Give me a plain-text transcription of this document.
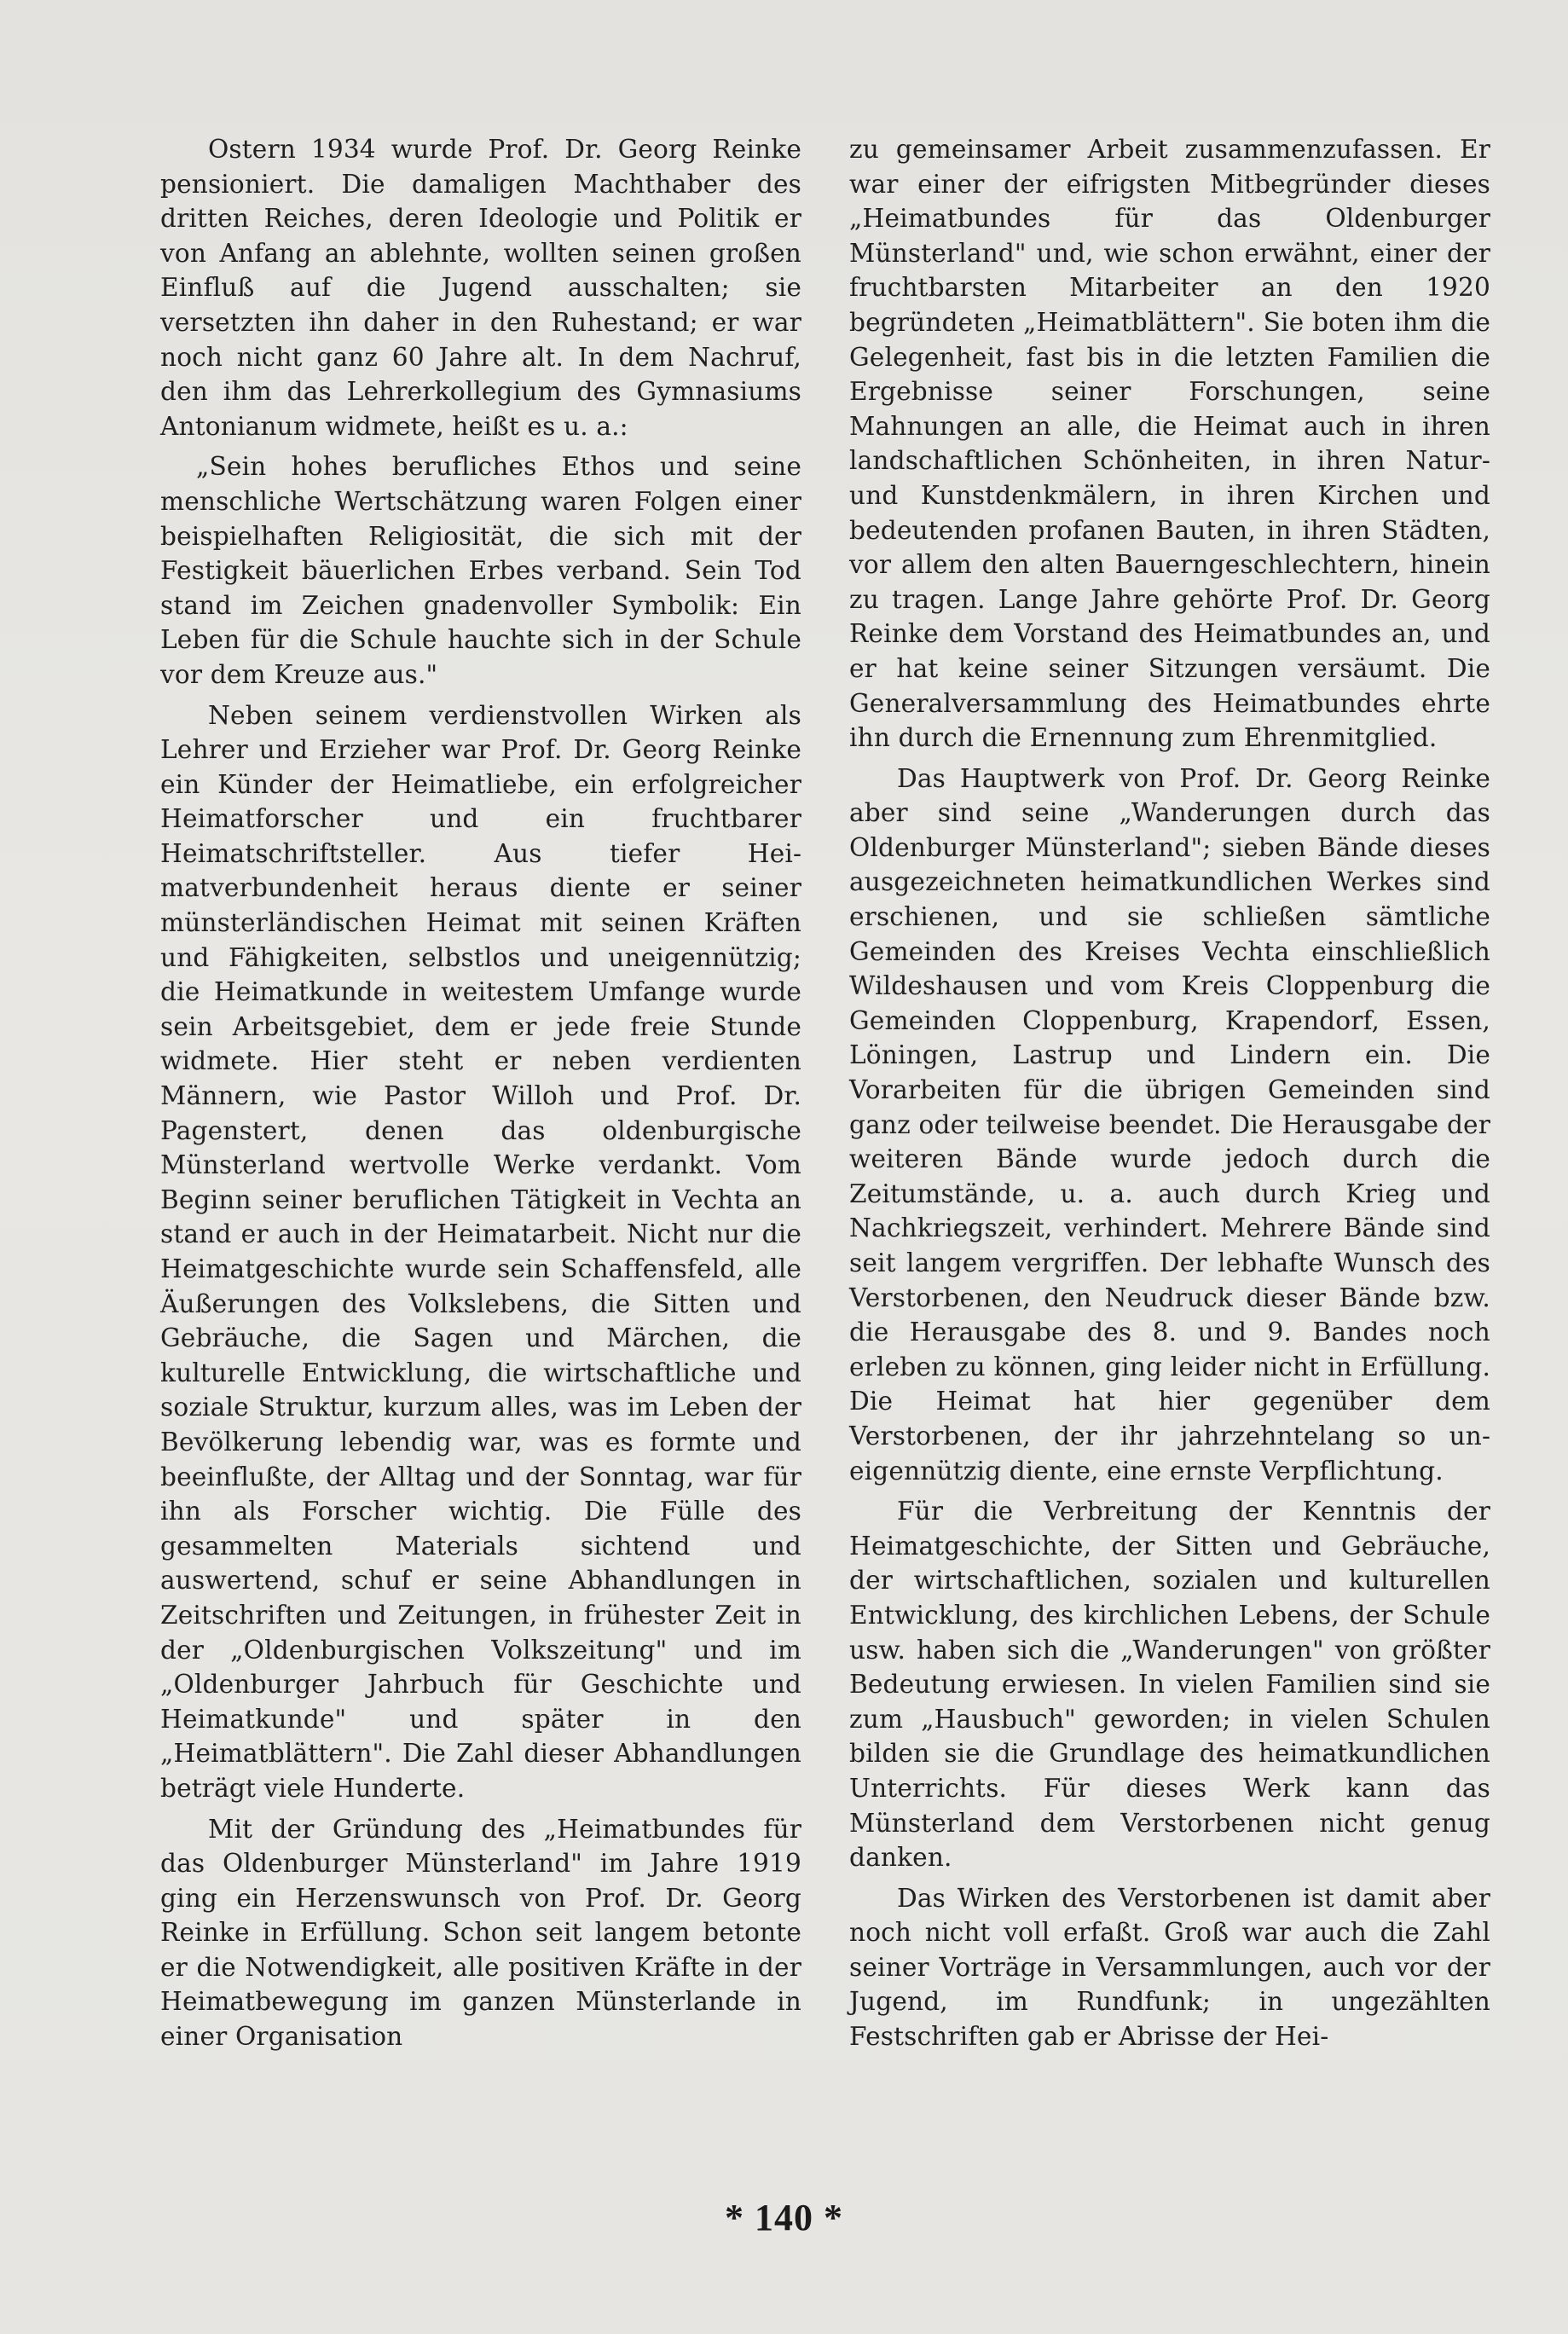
Ostern 1934 wurde Prof. Dr. Georg Reinke pensioniert. Die damaligen Machthaber des dritten Reiches, deren Ideologie und Politik er von Anfang an ablehnte, wollten seinen großen Einfluß auf die Jugend ausschalten; sie versetzten ihn daher in den Ruhestand; er war noch nicht ganz 60 Jahre alt. In dem Nachruf, den ihm das Lehrerkollegium des Gymnasiums Antonianum widmete, heißt es u. a.:

„Sein hohes berufliches Ethos und seine menschliche Wertschätzung waren Folgen einer beispielhaften Religiosität, die sich mit der Festigkeit bäuerlichen Erbes verband. Sein Tod stand im Zeichen gnadenvoller Symbolik: Ein Leben für die Schule hauchte sich in der Schule vor dem Kreuze aus."

Neben seinem verdienstvollen Wirken als Lehrer und Erzieher war Prof. Dr. Georg Reinke ein Künder der Heimatliebe, ein erfolgreicher Heimatforscher und ein fruchtbarer Heimatschriftsteller. Aus tiefer Heimatverbundenheit heraus diente er seiner münsterländischen Heimat mit seinen Kräften und Fähigkeiten, selbstlos und uneigennützig; die Heimatkunde in weitestem Umfange wurde sein Arbeitsgebiet, dem er jede freie Stunde widmete. Hier steht er neben verdienten Männern, wie Pastor Willoh und Prof. Dr. Pagenstert, denen das oldenburgische Münsterland wertvolle Werke verdankt. Vom Beginn seiner beruflichen Tätigkeit in Vechta an stand er auch in der Heimatarbeit. Nicht nur die Heimatgeschichte wurde sein Schaffensfeld, alle Äußerungen des Volkslebens, die Sitten und Gebräuche, die Sagen und Märchen, die kulturelle Entwicklung, die wirtschaftliche und soziale Struktur, kurzum alles, was im Leben der Bevölkerung lebendig war, was es formte und beeinflußte, der Alltag und der Sonntag, war für ihn als Forscher wichtig. Die Fülle des gesammelten Materials sichtend und auswertend, schuf er seine Abhandlungen in Zeitschriften und Zeitungen, in frühester Zeit in der „Oldenburgischen Volkszeitung" und im „Oldenburger Jahrbuch für Geschichte und Heimatkunde" und später in den „Heimatblättern". Die Zahl dieser Abhandlungen beträgt viele Hunderte.

Mit der Gründung des „Heimatbundes für das Oldenburger Münsterland" im Jahre 1919 ging ein Herzenswunsch von Prof. Dr. Georg Reinke in Erfüllung. Schon seit langem betonte er die Notwendigkeit, alle positiven Kräfte in der Heimatbewegung im ganzen Münsterlande in einer Organisation

zu gemeinsamer Arbeit zusammenzufassen. Er war einer der eifrigsten Mitbegründer dieses „Heimatbundes für das Oldenburger Münsterland" und, wie schon erwähnt, einer der fruchtbarsten Mitarbeiter an den 1920 begründeten „Heimatblättern". Sie boten ihm die Gelegenheit, fast bis in die letzten Familien die Ergebnisse seiner Forschungen, seine Mahnungen an alle, die Heimat auch in ihren landschaftlichen Schönheiten, in ihren Natur- und Kunstdenkmälern, in ihren Kirchen und bedeutenden profanen Bauten, in ihren Städten, vor allem den alten Bauerngeschlechtern, hinein zu tragen. Lange Jahre gehörte Prof. Dr. Georg Reinke dem Vorstand des Heimatbundes an, und er hat keine seiner Sitzungen versäumt. Die Generalversammlung des Heimatbundes ehrte ihn durch die Ernennung zum Ehrenmitglied.

Das Hauptwerk von Prof. Dr. Georg Reinke aber sind seine „Wanderungen durch das Oldenburger Münsterland"; sieben Bände dieses ausgezeichneten heimatkundlichen Werkes sind erschienen, und sie schließen sämtliche Gemeinden des Kreises Vechta einschließlich Wildeshausen und vom Kreis Cloppenburg die Gemeinden Cloppenburg, Krapendorf, Essen, Löningen, Lastrup und Lindern ein. Die Vorarbeiten für die übrigen Gemeinden sind ganz oder teilweise beendet. Die Herausgabe der weiteren Bände wurde jedoch durch die Zeitumstände, u. a. auch durch Krieg und Nachkriegszeit, verhindert. Mehrere Bände sind seit langem vergriffen. Der lebhafte Wunsch des Verstorbenen, den Neudruck dieser Bände bzw. die Herausgabe des 8. und 9. Bandes noch erleben zu können, ging leider nicht in Erfüllung. Die Heimat hat hier gegenüber dem Verstorbenen, der ihr jahrzehntelang so uneigennützig diente, eine ernste Verpflichtung.

Für die Verbreitung der Kenntnis der Heimatgeschichte, der Sitten und Gebräuche, der wirtschaftlichen, sozialen und kulturellen Entwicklung, des kirchlichen Lebens, der Schule usw. haben sich die „Wanderungen" von größter Bedeutung erwiesen. In vielen Familien sind sie zum „Hausbuch" geworden; in vielen Schulen bilden sie die Grundlage des heimatkundlichen Unterrichts. Für dieses Werk kann das Münsterland dem Verstorbenen nicht genug danken.

Das Wirken des Verstorbenen ist damit aber noch nicht voll erfaßt. Groß war auch die Zahl seiner Vorträge in Versammlungen, auch vor der Jugend, im Rundfunk; in ungezählten Festschriften gab er Abrisse der Hei-

* 140 *
